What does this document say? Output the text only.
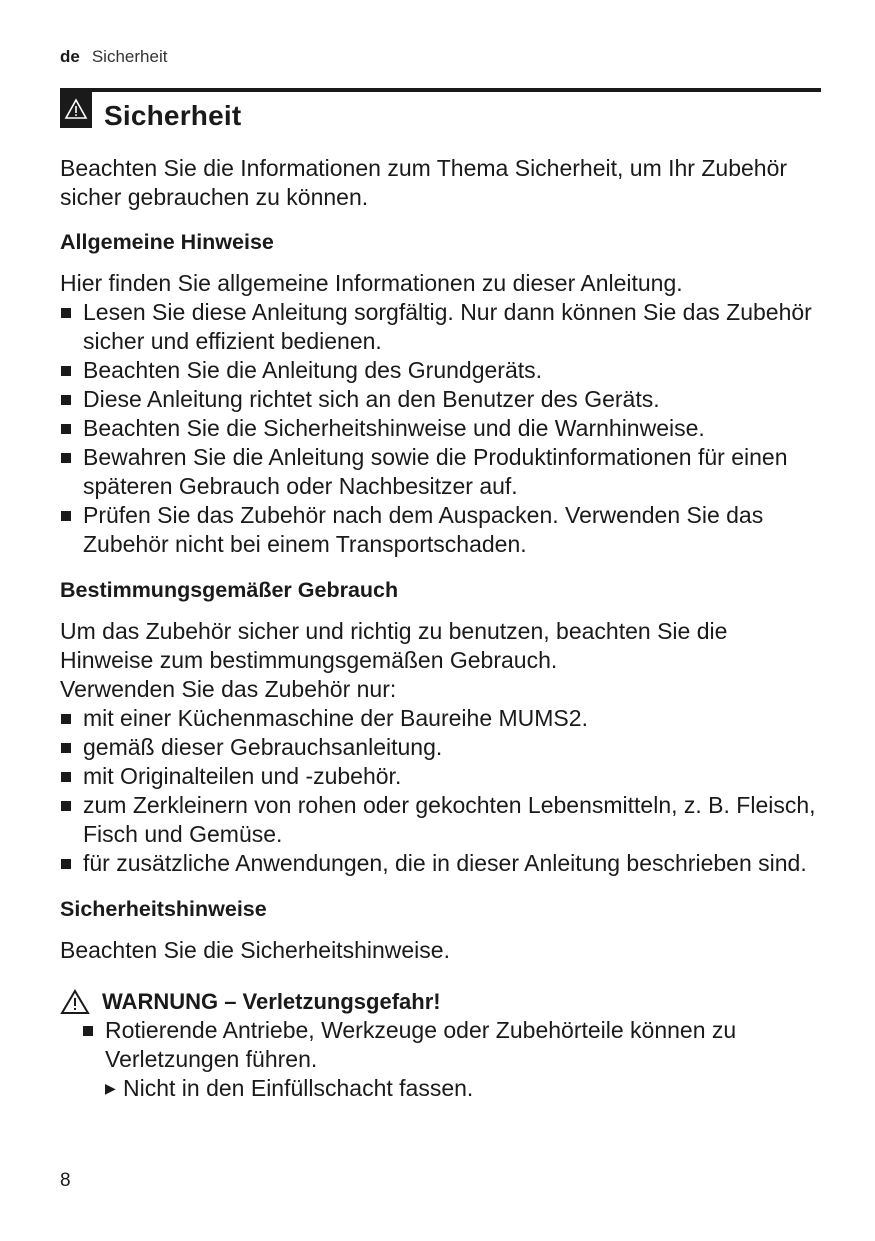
de Sicherheit
Sicherheit

Beachten Sie die Informationen zum Thema Sicherheit, um Ihr Zubehör sicher gebrauchen zu können.

Allgemeine Hinweise

Hier finden Sie allgemeine Informationen zu dieser Anleitung.

Lesen Sie diese Anleitung sorgfältig. Nur dann können Sie das Zubehör sicher und effizient bedienen.
Beachten Sie die Anleitung des Grundgeräts.
Diese Anleitung richtet sich an den Benutzer des Geräts.
Beachten Sie die Sicherheitshinweise und die Warnhinweise.
Bewahren Sie die Anleitung sowie die Produktinformationen für einen späteren Gebrauch oder Nachbesitzer auf.
Prüfen Sie das Zubehör nach dem Auspacken. Verwenden Sie das Zubehör nicht bei einem Transportschaden.
Bestimmungsgemäßer Gebrauch

Um das Zubehör sicher und richtig zu benutzen, beachten Sie die Hinweise zum bestimmungsgemäßen Gebrauch.

Verwenden Sie das Zubehör nur:

mit einer Küchenmaschine der Baureihe MUMS2.
gemäß dieser Gebrauchsanleitung.
mit Originalteilen und -zubehör.
zum Zerkleinern von rohen oder gekochten Lebensmitteln, z. B. Fleisch, Fisch und Gemüse.
für zusätzliche Anwendungen, die in dieser Anleitung beschrieben sind.
Sicherheitshinweise

Beachten Sie die Sicherheitshinweise.

WARNUNG – Verletzungsgefahr!
Rotierende Antriebe, Werkzeuge oder Zubehörteile können zu Verletzungen führen.
▶ Nicht in den Einfüllschacht fassen.
8
